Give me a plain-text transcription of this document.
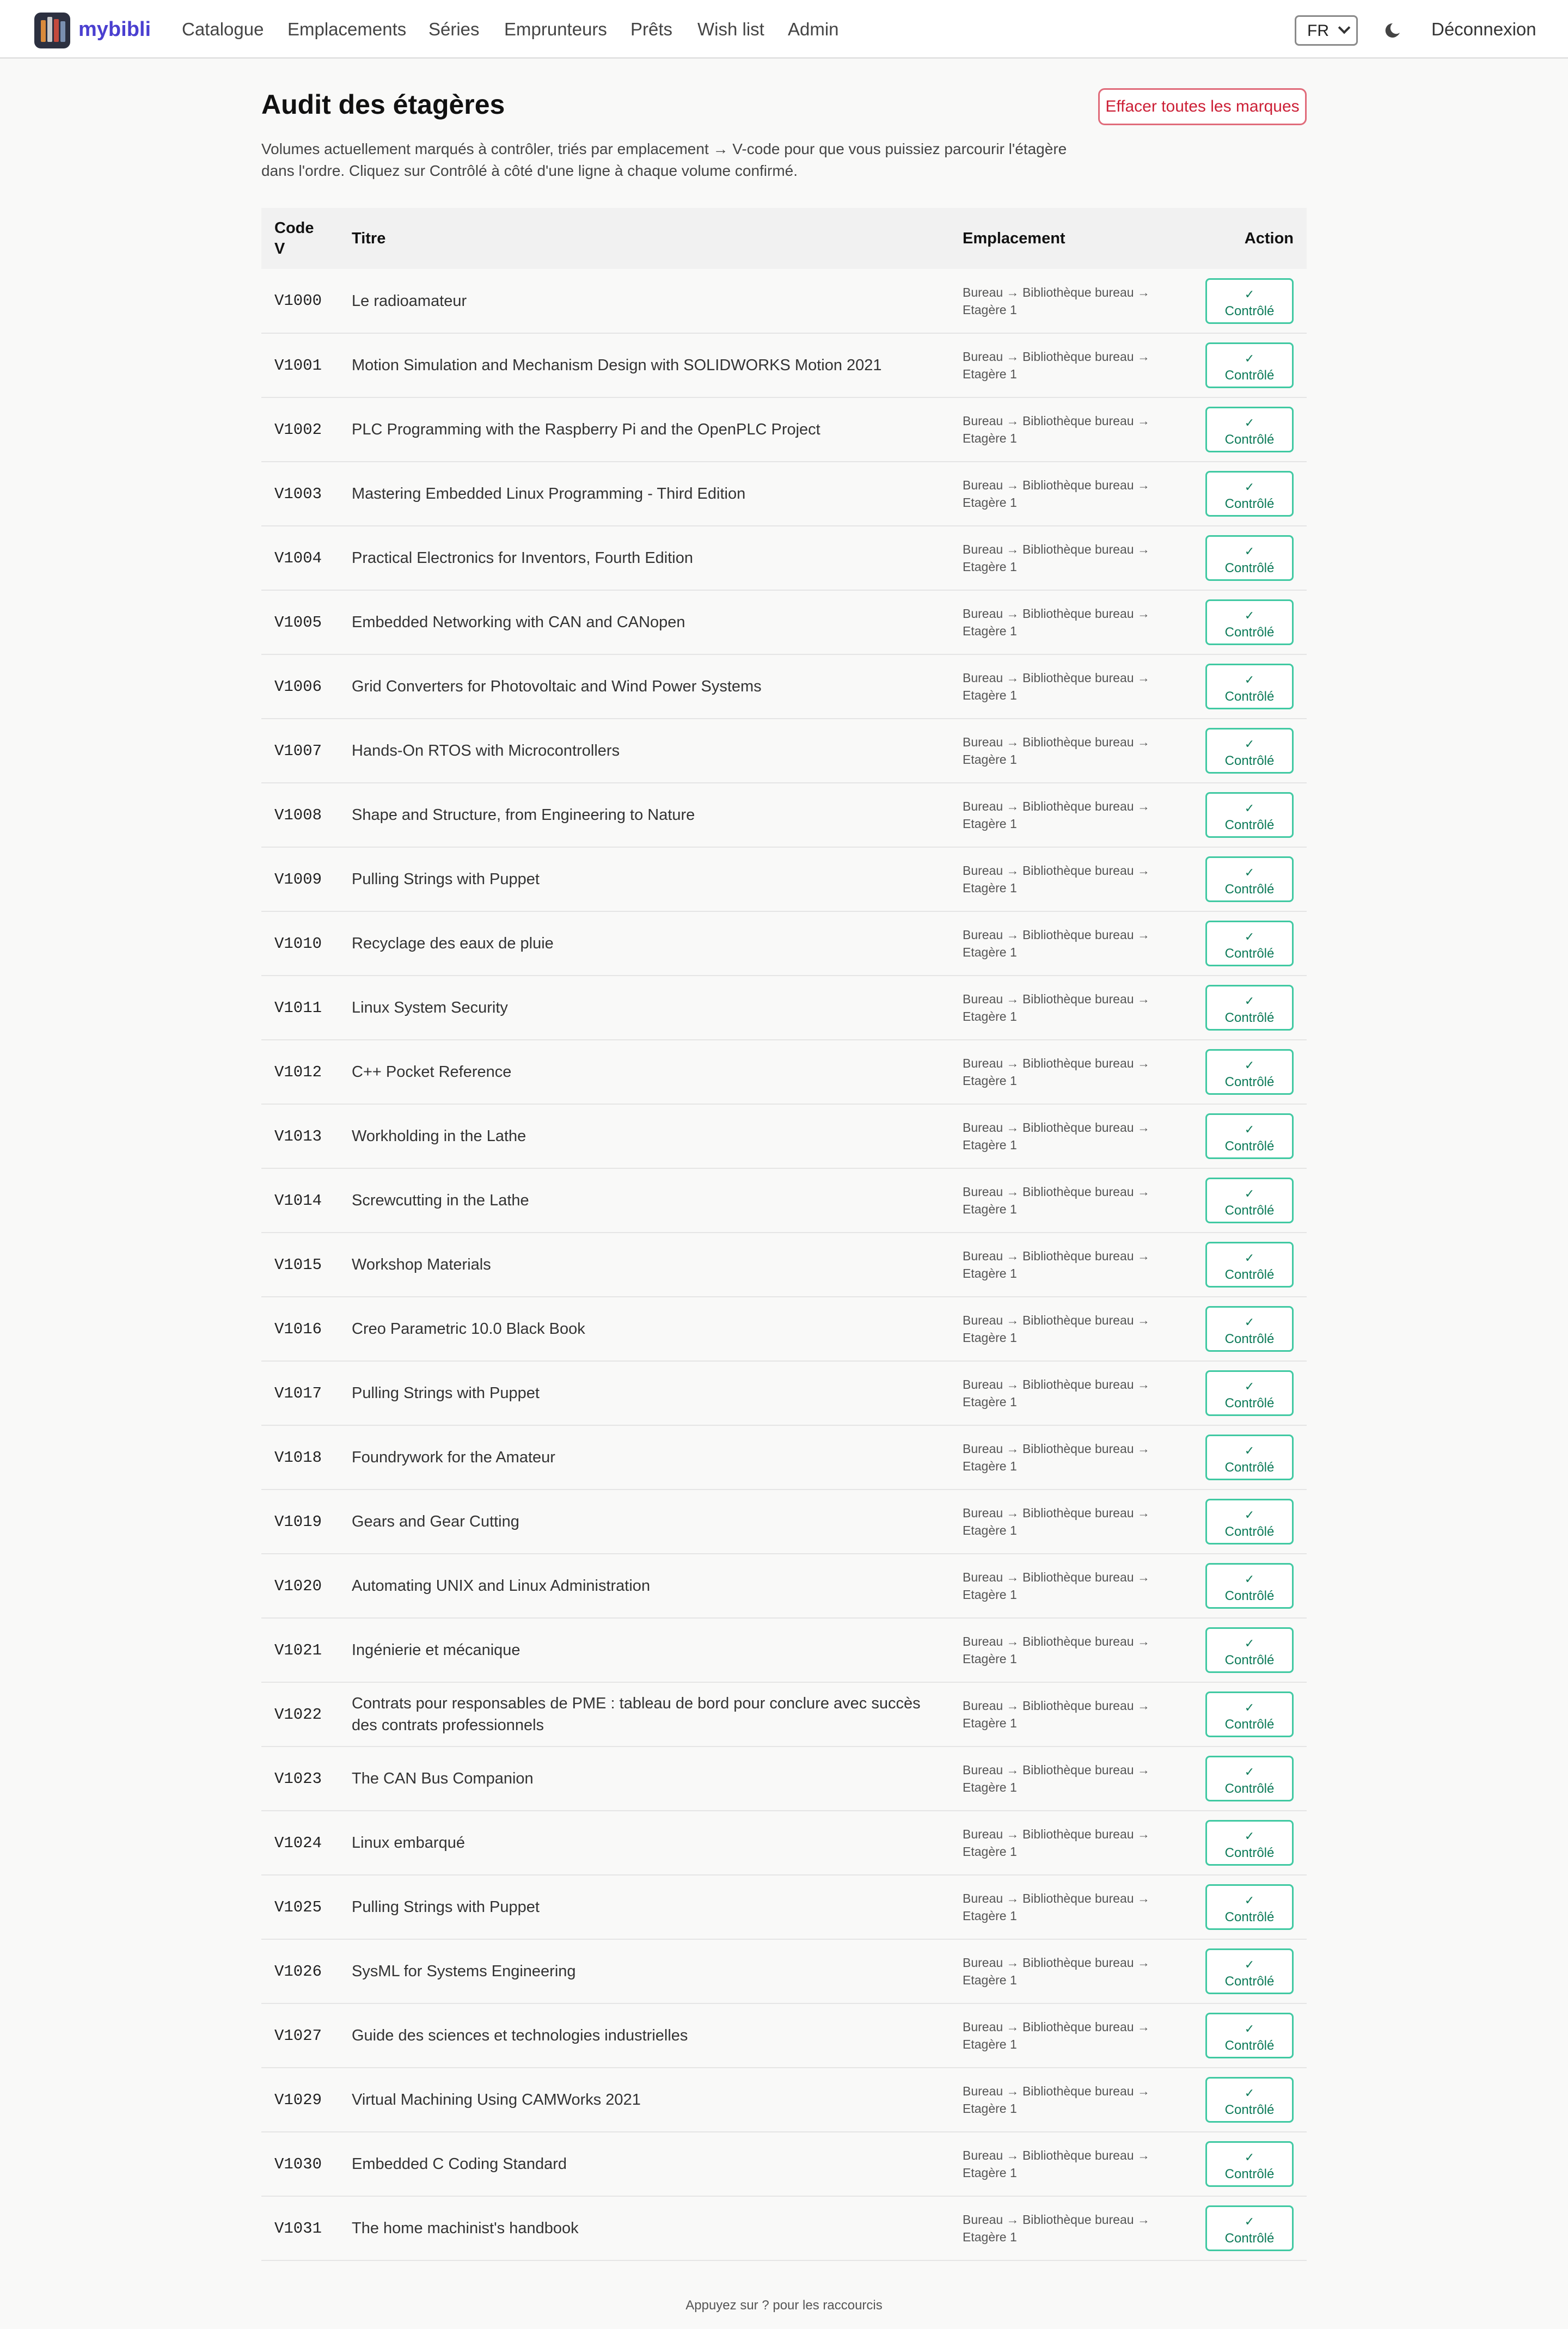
mybibli Catalogue Emplacements Séries Emprunteurs Prêts Wish list Admin	FR	Déconnexion
Audit des étagères	Effacer toutes les marques

Volumes actuellement marqués à contrôler, triés par emplacement → V-code pour que vous puissiez parcourir l'étagère dans l'ordre. Cliquez sur Contrôlé à côté d'une ligne à chaque volume confirmé.

Code V	Titre	Emplacement	Action
V1000	Le radioamateur	Bureau → Bibliothèque bureau → Etagère 1	✓
Contrôlé
V1001	Motion Simulation and Mechanism Design with SOLIDWORKS Motion 2021	Bureau → Bibliothèque bureau → Etagère 1	✓
Contrôlé
V1002	PLC Programming with the Raspberry Pi and the OpenPLC Project	Bureau → Bibliothèque bureau → Etagère 1	✓
Contrôlé
V1003	Mastering Embedded Linux Programming - Third Edition	Bureau → Bibliothèque bureau → Etagère 1	✓
Contrôlé
V1004	Practical Electronics for Inventors, Fourth Edition	Bureau → Bibliothèque bureau → Etagère 1	✓
Contrôlé
V1005	Embedded Networking with CAN and CANopen	Bureau → Bibliothèque bureau → Etagère 1	✓
Contrôlé
V1006	Grid Converters for Photovoltaic and Wind Power Systems	Bureau → Bibliothèque bureau → Etagère 1	✓
Contrôlé
V1007	Hands-On RTOS with Microcontrollers	Bureau → Bibliothèque bureau → Etagère 1	✓
Contrôlé
V1008	Shape and Structure, from Engineering to Nature	Bureau → Bibliothèque bureau → Etagère 1	✓
Contrôlé
V1009	Pulling Strings with Puppet	Bureau → Bibliothèque bureau → Etagère 1	✓
Contrôlé
V1010	Recyclage des eaux de pluie	Bureau → Bibliothèque bureau → Etagère 1	✓
Contrôlé
V1011	Linux System Security	Bureau → Bibliothèque bureau → Etagère 1	✓
Contrôlé
V1012	C++ Pocket Reference	Bureau → Bibliothèque bureau → Etagère 1	✓
Contrôlé
V1013	Workholding in the Lathe	Bureau → Bibliothèque bureau → Etagère 1	✓
Contrôlé
V1014	Screwcutting in the Lathe	Bureau → Bibliothèque bureau → Etagère 1	✓
Contrôlé
V1015	Workshop Materials	Bureau → Bibliothèque bureau → Etagère 1	✓
Contrôlé
V1016	Creo Parametric 10.0 Black Book	Bureau → Bibliothèque bureau → Etagère 1	✓
Contrôlé
V1017	Pulling Strings with Puppet	Bureau → Bibliothèque bureau → Etagère 1	✓
Contrôlé
V1018	Foundrywork for the Amateur	Bureau → Bibliothèque bureau → Etagère 1	✓
Contrôlé
V1019	Gears and Gear Cutting	Bureau → Bibliothèque bureau → Etagère 1	✓
Contrôlé
V1020	Automating UNIX and Linux Administration	Bureau → Bibliothèque bureau → Etagère 1	✓
Contrôlé
V1021	Ingénierie et mécanique	Bureau → Bibliothèque bureau → Etagère 1	✓
Contrôlé
V1022	Contrats pour responsables de PME : tableau de bord pour conclure avec succès des contrats professionnels	Bureau → Bibliothèque bureau → Etagère 1	✓
Contrôlé
V1023	The CAN Bus Companion	Bureau → Bibliothèque bureau → Etagère 1	✓
Contrôlé
V1024	Linux embarqué	Bureau → Bibliothèque bureau → Etagère 1	✓
Contrôlé
V1025	Pulling Strings with Puppet	Bureau → Bibliothèque bureau → Etagère 1	✓
Contrôlé
V1026	SysML for Systems Engineering	Bureau → Bibliothèque bureau → Etagère 1	✓
Contrôlé
V1027	Guide des sciences et technologies industrielles	Bureau → Bibliothèque bureau → Etagère 1	✓
Contrôlé
V1029	Virtual Machining Using CAMWorks 2021	Bureau → Bibliothèque bureau → Etagère 1	✓
Contrôlé
V1030	Embedded C Coding Standard	Bureau → Bibliothèque bureau → Etagère 1	✓
Contrôlé
V1031	The home machinist's handbook	Bureau → Bibliothèque bureau → Etagère 1	✓
Contrôlé
Appuyez sur ? pour les raccourcis
